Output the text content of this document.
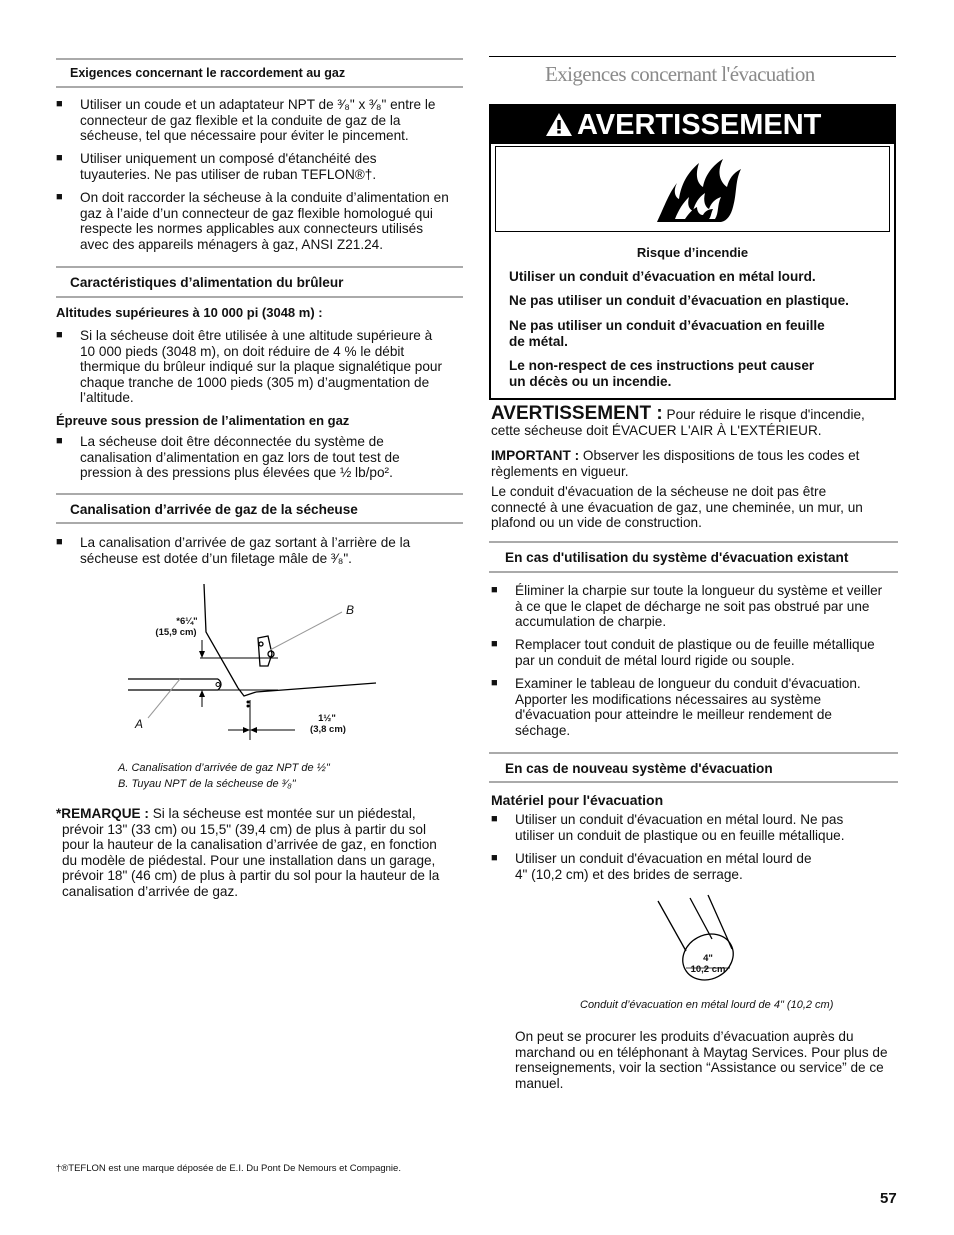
Exigences concernant le raccordement au gaz
■ Utiliser un coude et un adaptateur NPT de ³⁄₈" x ³⁄₈" entre le
connecteur de gaz flexible et la conduite de gaz de la
sécheuse, tel que nécessaire pour éviter le pincement.
■ Utiliser uniquement un composé d'étanchéité des
tuyauteries. Ne pas utiliser de ruban TEFLON®†.
■ On doit raccorder la sécheuse à la conduite d’alimentation en
gaz à l’aide d’un connecteur de gaz flexible homologué qui
respecte les normes applicables aux connecteurs utilisés
avec des appareils ménagers à gaz, ANSI Z21.24.
Caractéristiques d’alimentation du brûleur
Altitudes supérieures à 10 000 pi (3048 m) :
■ Si la sécheuse doit être utilisée à une altitude supérieure à
10 000 pieds (3048 m), on doit réduire de 4 % le débit
thermique du brûleur indiqué sur la plaque signalétique pour
chaque tranche de 1000 pieds (305 m) d’augmentation de
l’altitude.
Épreuve sous pression de l’alimentation en gaz
■ La sécheuse doit être déconnectée du système de
canalisation d’alimentation en gaz lors de tout test de
pression à des pressions plus élevées que ½ lb/po².
Canalisation d’arrivée de gaz de la sécheuse
■ La canalisation d’arrivée de gaz sortant à l’arrière de la
sécheuse est dotée d’un filetage mâle de ³⁄₈".
*6¼"
(15,9 cm)
1½"
(3,8 cm)
A
B
A. Canalisation d’arrivée de gaz NPT de ½"
B. Tuyau NPT de la sécheuse de ³⁄₈"
*REMARQUE : Si la sécheuse est montée sur un piédestal,
prévoir 13" (33 cm) ou 15,5" (39,4 cm) de plus à partir du sol
pour la hauteur de la canalisation d’arrivée de gaz, en fonction
du modèle de piédestal. Pour une installation dans un garage,
prévoir 18" (46 cm) de plus à partir du sol pour la hauteur de la
canalisation d’arrivée de gaz.
†®TEFLON est une marque déposée de E.I. Du Pont De Nemours et Compagnie.
Exigences concernant l'évacuation
AVERTISSEMENT
Risque d’incendie
Utiliser un conduit d’évacuation en métal lourd.
Ne pas utiliser un conduit d’évacuation en plastique.
Ne pas utiliser un conduit d’évacuation en feuille
de métal.
Le non-respect de ces instructions peut causer
un décès ou un incendie.
AVERTISSEMENT : Pour réduire le risque d'incendie,
cette sécheuse doit ÉVACUER L'AIR À L'EXTÉRIEUR.
IMPORTANT : Observer les dispositions de tous les codes et
règlements en vigueur.
Le conduit d'évacuation de la sécheuse ne doit pas être
connecté à une évacuation de gaz, une cheminée, un mur, un
plafond ou un vide de construction.
En cas d'utilisation du système d'évacuation existant
■ Éliminer la charpie sur toute la longueur du système et veiller
à ce que le clapet de décharge ne soit pas obstrué par une
accumulation de charpie.
■ Remplacer tout conduit de plastique ou de feuille métallique
par un conduit de métal lourd rigide ou souple.
■ Examiner le tableau de longueur du conduit d'évacuation.
Apporter les modifications nécessaires au système
d'évacuation pour atteindre le meilleur rendement de
séchage.
En cas de nouveau système d'évacuation
Matériel pour l'évacuation
■ Utiliser un conduit d'évacuation en métal lourd. Ne pas
utiliser un conduit de plastique ou en feuille métallique.
■ Utiliser un conduit d'évacuation en métal lourd de
4" (10,2 cm) et des brides de serrage.
4"
10,2 cm
Conduit d’évacuation en métal lourd de 4" (10,2 cm)
On peut se procurer les produits d’évacuation auprès du
marchand ou en téléphonant à Maytag Services. Pour plus de
renseignements, voir la section “Assistance ou service” de ce
manuel.
57
